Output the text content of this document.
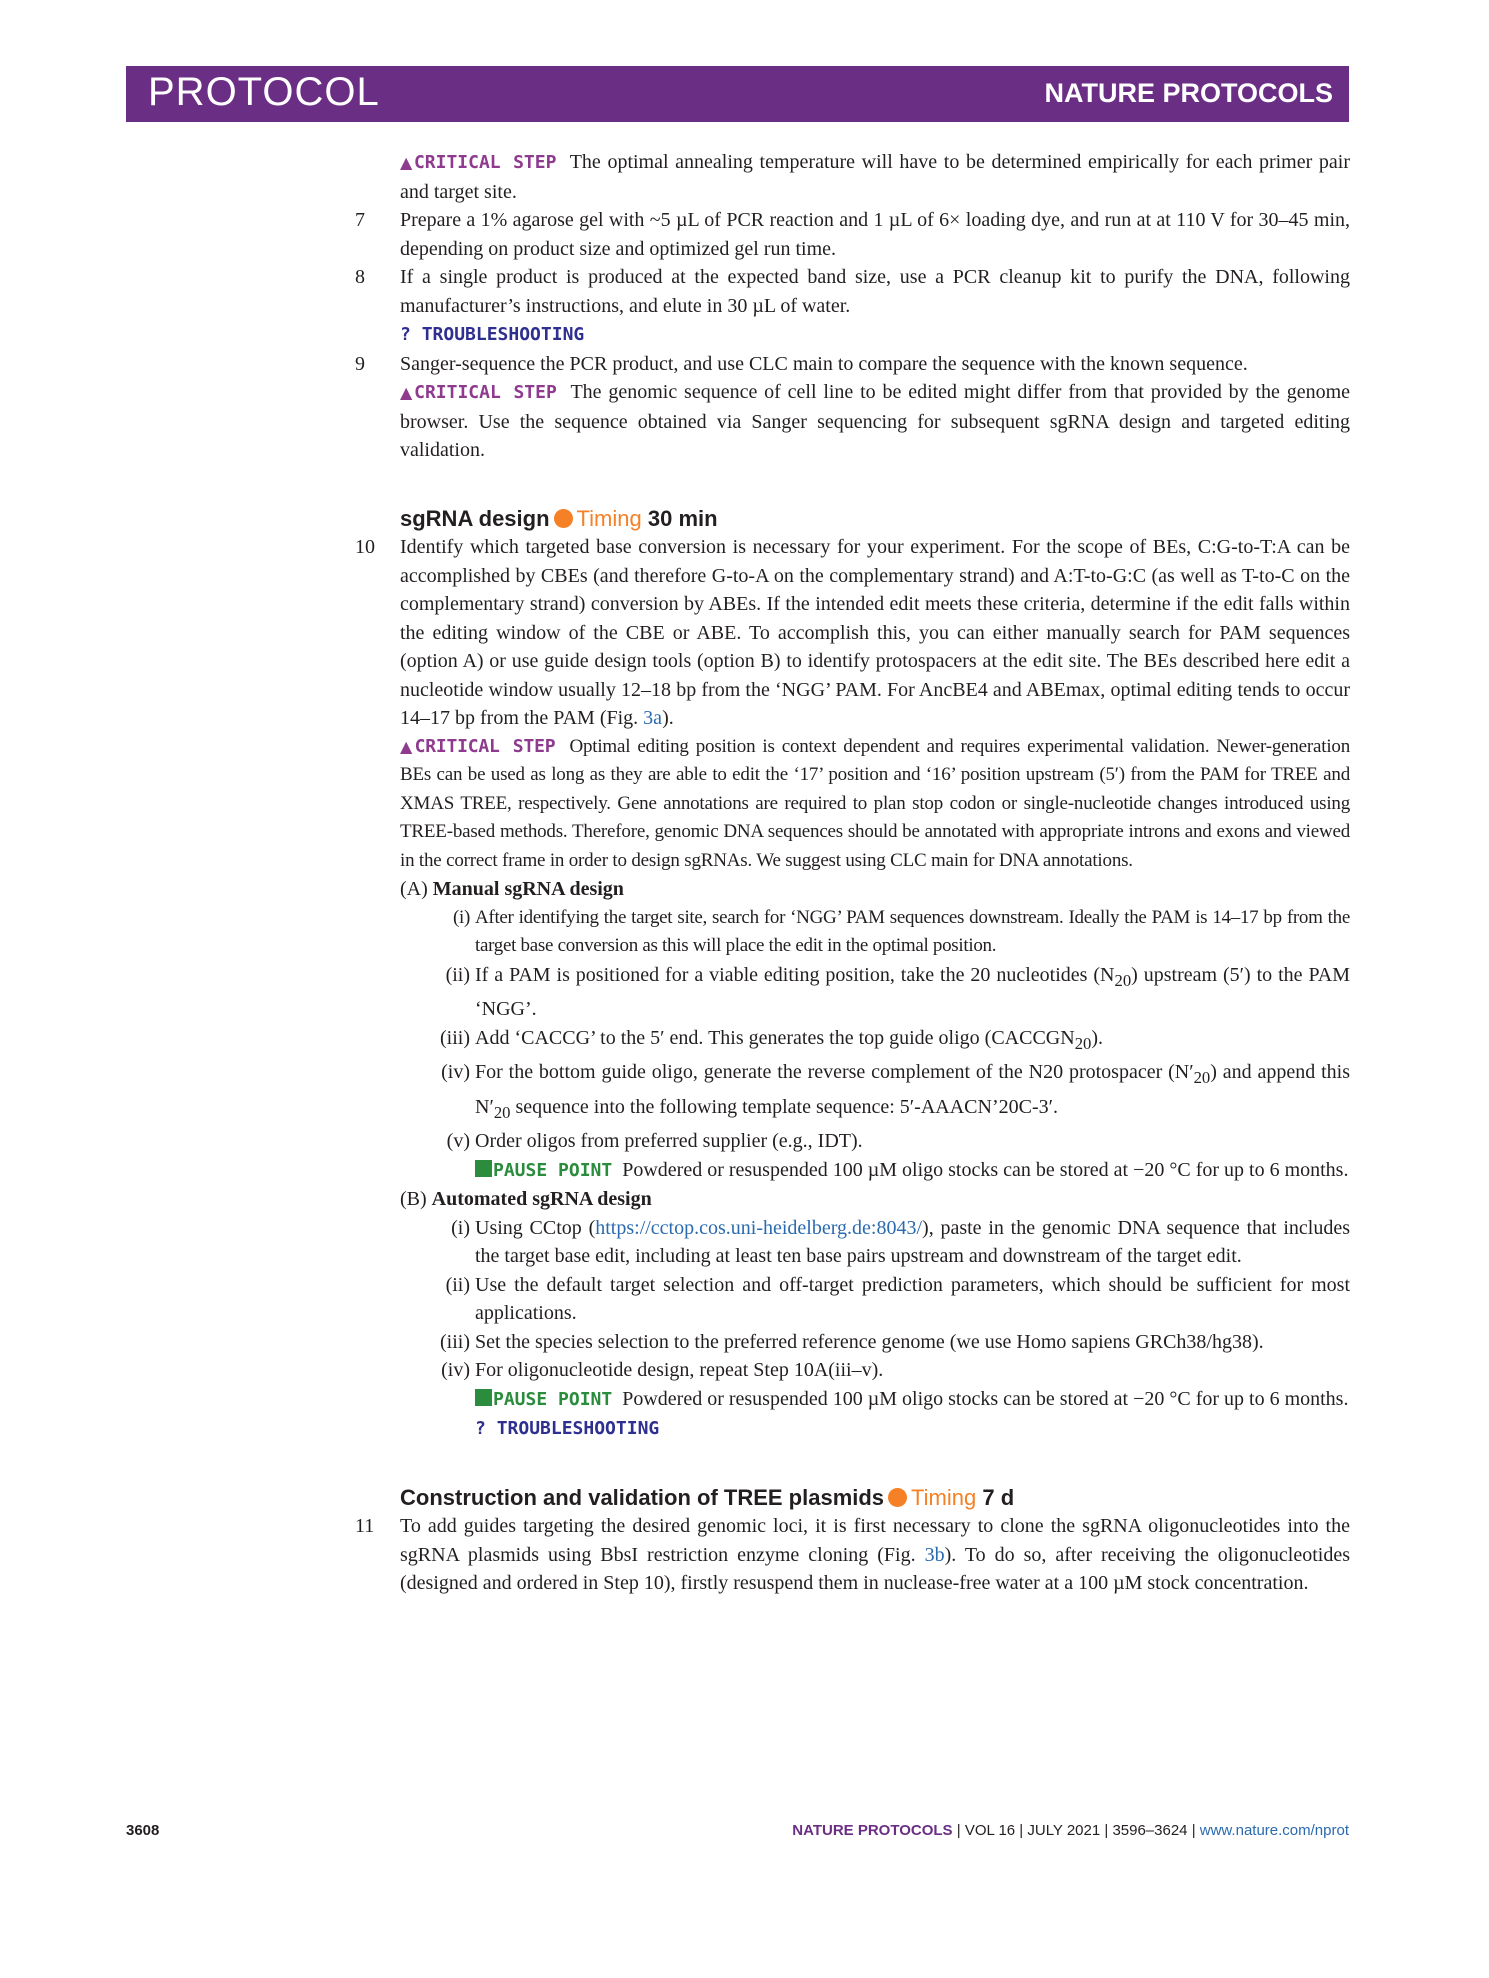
PROTOCOL	NATURE PROTOCOLS

▲CRITICAL STEP The optimal annealing temperature will have to be determined empirically for each primer pair and target site.

7	Prepare a 1% agarose gel with ~5 µL of PCR reaction and 1 µL of 6× loading dye, and run at at 110 V for 30–45 min, depending on product size and optimized gel run time.

8	If a single product is produced at the expected band size, use a PCR cleanup kit to purify the DNA, following manufacturer’s instructions, and elute in 30 µL of water.

? TROUBLESHOOTING

9	Sanger-sequence the PCR product, and use CLC main to compare the sequence with the known sequence.

▲CRITICAL STEP The genomic sequence of cell line to be edited might differ from that provided by the genome browser. Use the sequence obtained via Sanger sequencing for subsequent sgRNA design and targeted editing validation.

sgRNA design Timing 30 min

10	Identify which targeted base conversion is necessary for your experiment. For the scope of BEs, C:G-to-T:A can be accomplished by CBEs (and therefore G-to-A on the complementary strand) and A:T-to-G:C (as well as T-to-C on the complementary strand) conversion by ABEs. If the intended edit meets these criteria, determine if the edit falls within the editing window of the CBE or ABE. To accomplish this, you can either manually search for PAM sequences (option A) or use guide design tools (option B) to identify protospacers at the edit site. The BEs described here edit a nucleotide window usually 12–18 bp from the ‘NGG’ PAM. For AncBE4 and ABEmax, optimal editing tends to occur 14–17 bp from the PAM (Fig. 3a).

▲CRITICAL STEP Optimal editing position is context dependent and requires experimental validation. Newer-generation BEs can be used as long as they are able to edit the ‘17’ position and ‘16’ position upstream (5′) from the PAM for TREE and XMAS TREE, respectively. Gene annotations are required to plan stop codon or single-nucleotide changes introduced using TREE-based methods. Therefore, genomic DNA sequences should be annotated with appropriate introns and exons and viewed in the correct frame in order to design sgRNAs. We suggest using CLC main for DNA annotations.

(A) Manual sgRNA design

(i) After identifying the target site, search for ‘NGG’ PAM sequences downstream. Ideally the PAM is 14–17 bp from the target base conversion as this will place the edit in the optimal position.

(ii) If a PAM is positioned for a viable editing position, take the 20 nucleotides $(N_{20})$ upstream (5′) to the PAM ‘NGG’.

(iii) Add ‘CACCG’ to the 5′ end. This generates the top guide oligo $(CACCGN_{20})$.

(iv) For the bottom guide oligo, generate the reverse complement of the N20 protospacer $(N'_{20})$ and append this $N'_{20}$ sequence into the following template sequence: 5′-AAACN’20C-3′.

(v) Order oligos from preferred supplier (e.g., IDT).

PAUSE POINT Powdered or resuspended 100 µM oligo stocks can be stored at −20 °C for up to 6 months.

(B) Automated sgRNA design

(i) Using CCtop (https://cctop.cos.uni-heidelberg.de:8043/), paste in the genomic DNA sequence that includes the target base edit, including at least ten base pairs upstream and downstream of the target edit.

(ii) Use the default target selection and off-target prediction parameters, which should be sufficient for most applications.

(iii) Set the species selection to the preferred reference genome (we use Homo sapiens GRCh38/hg38).

(iv) For oligonucleotide design, repeat Step 10A(iii–v).

PAUSE POINT Powdered or resuspended 100 µM oligo stocks can be stored at −20 °C for up to 6 months.

? TROUBLESHOOTING

Construction and validation of TREE plasmids Timing 7 d

11	To add guides targeting the desired genomic loci, it is first necessary to clone the sgRNA oligonucleotides into the sgRNA plasmids using BbsI restriction enzyme cloning (Fig. 3b). To do so, after receiving the oligonucleotides (designed and ordered in Step 10), firstly resuspend them in nuclease-free water at a 100 µM stock concentration.

3608	NATURE PROTOCOLS | VOL 16 | JULY 2021 | 3596–3624 | www.nature.com/nprot
